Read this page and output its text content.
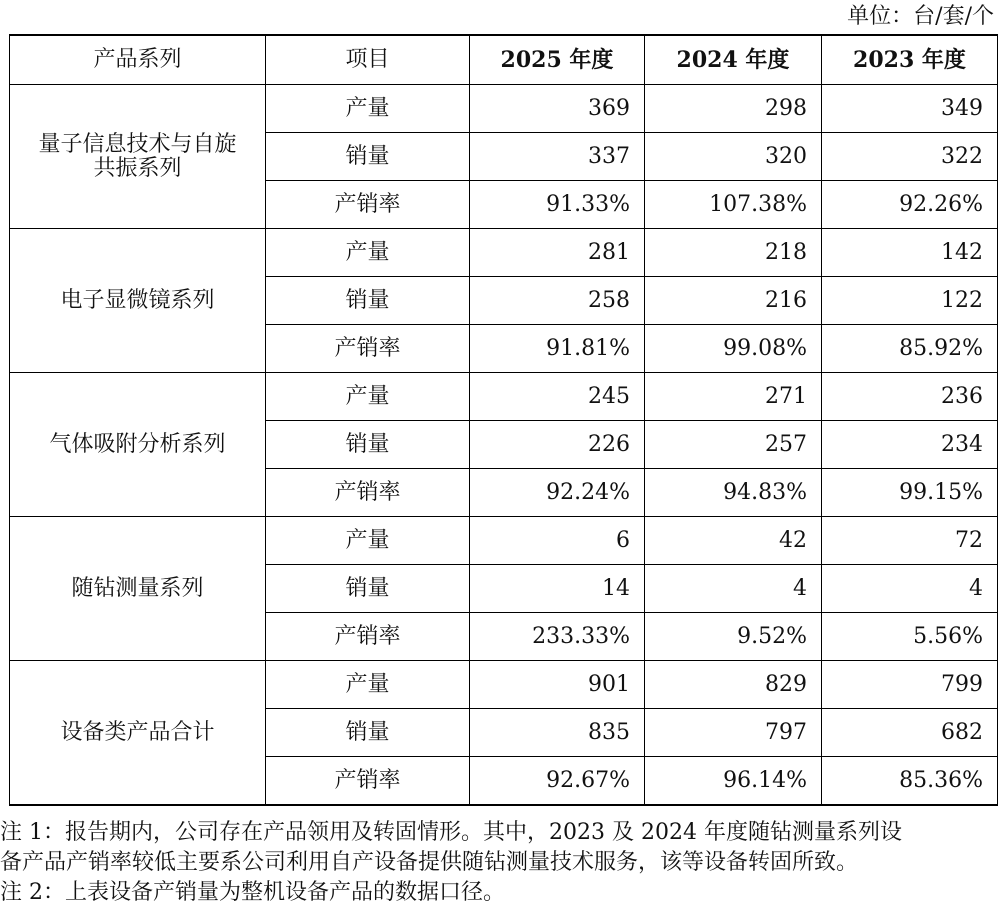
单位：台/套/个
产品系列	项目	2025 年度	2024 年度	2023 年度
量子信息技术与自旋共振系列	产量	369	298	349
	销量	337	320	322
	产销率	91.33%	107.38%	92.26%
电子显微镜系列	产量	281	218	142
	销量	258	216	122
	产销率	91.81%	99.08%	85.92%
气体吸附分析系列	产量	245	271	236
	销量	226	257	234
	产销率	92.24%	94.83%	99.15%
随钻测量系列	产量	6	42	72
	销量	14	4	4
	产销率	233.33%	9.52%	5.56%
设备类产品合计	产量	901	829	799
	销量	835	797	682
	产销率	92.67%	96.14%	85.36%
注 1：报告期内，公司存在产品领用及转固情形。其中，2023 及 2024 年度随钻测量系列设
备产品产销率较低主要系公司利用自产设备提供随钻测量技术服务，该等设备转固所致。
注 2：上表设备产销量为整机设备产品的数据口径。
